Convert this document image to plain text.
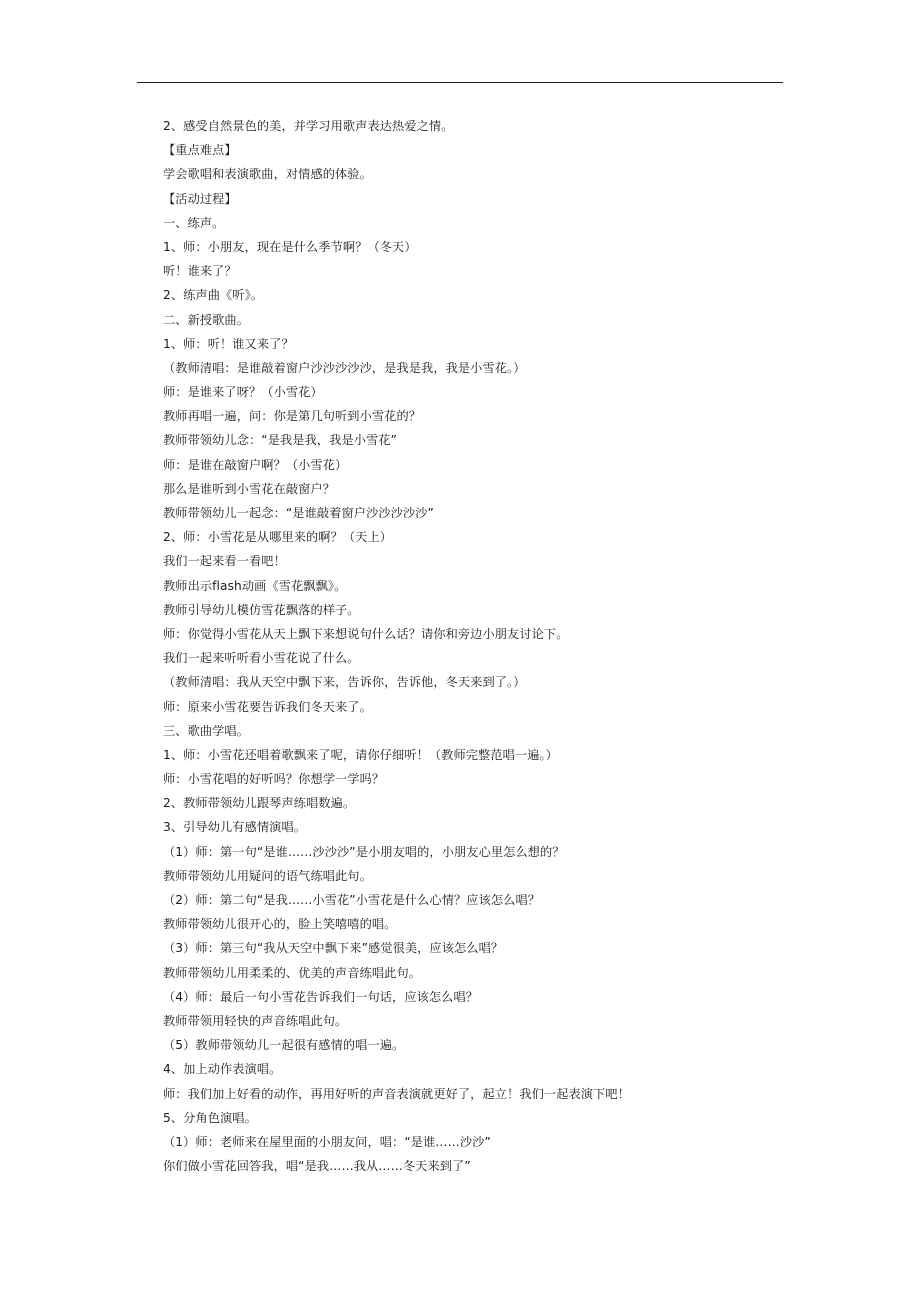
2、感受自然景色的美，并学习用歌声表达热爱之情。
【重点难点】
学会歌唱和表演歌曲，对情感的体验。
【活动过程】
一、练声。
1、师：小朋友，现在是什么季节啊？（冬天）
听！谁来了？
2、练声曲《听》。
二、新授歌曲。
1、师：听！谁又来了？
（教师清唱：是谁敲着窗户沙沙沙沙沙，是我是我，我是小雪花。）
师：是谁来了呀？（小雪花）
教师再唱一遍，问：你是第几句听到小雪花的？
教师带领幼儿念：“是我是我，我是小雪花”
师：是谁在敲窗户啊？（小雪花）
那么是谁听到小雪花在敲窗户？
教师带领幼儿一起念：“是谁敲着窗户沙沙沙沙沙”
2、师：小雪花是从哪里来的啊？（天上）
我们一起来看一看吧！
教师出示flash动画《雪花飘飘》。
教师引导幼儿模仿雪花飘落的样子。
师：你觉得小雪花从天上飘下来想说句什么话？请你和旁边小朋友讨论下。
我们一起来听听看小雪花说了什么。
（教师清唱：我从天空中飘下来，告诉你，告诉他，冬天来到了。）
师：原来小雪花要告诉我们冬天来了。
三、歌曲学唱。
1、师：小雪花还唱着歌飘来了呢，请你仔细听！（教师完整范唱一遍。）
师：小雪花唱的好听吗？你想学一学吗？
2、教师带领幼儿跟琴声练唱数遍。
3、引导幼儿有感情演唱。
（1）师：第一句“是谁……沙沙沙”是小朋友唱的，小朋友心里怎么想的？
教师带领幼儿用疑问的语气练唱此句。
（2）师：第二句“是我……小雪花”小雪花是什么心情？应该怎么唱？
教师带领幼儿很开心的，脸上笑嘻嘻的唱。
（3）师：第三句“我从天空中飘下来”感觉很美，应该怎么唱？
教师带领幼儿用柔柔的、优美的声音练唱此句。
（4）师：最后一句小雪花告诉我们一句话，应该怎么唱？
教师带领用轻快的声音练唱此句。
（5）教师带领幼儿一起很有感情的唱一遍。
4、加上动作表演唱。
师：我们加上好看的动作，再用好听的声音表演就更好了，起立！我们一起表演下吧！
5、分角色演唱。
（1）师：老师来在屋里面的小朋友问，唱：“是谁……沙沙”
你们做小雪花回答我，唱“是我……我从……冬天来到了”
